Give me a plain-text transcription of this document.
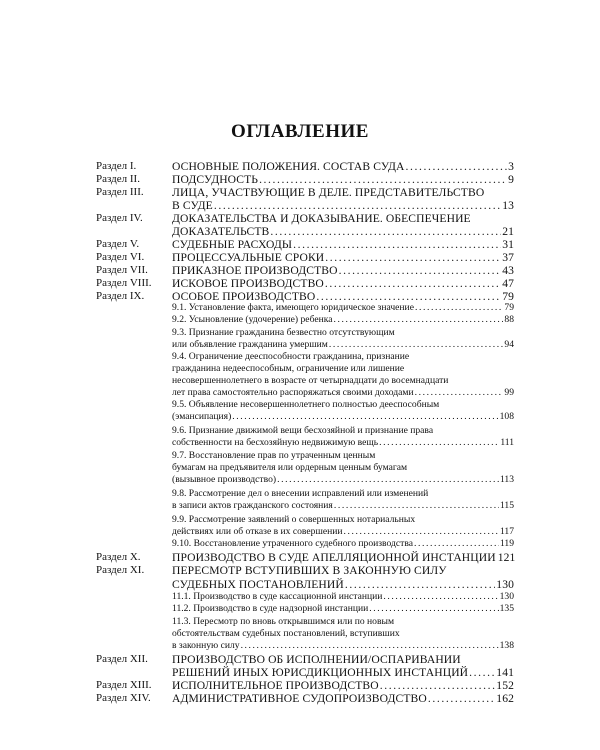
ОГЛАВЛЕНИЕ
Раздел I.	ОСНОВНЫЕ ПОЛОЖЕНИЯ. СОСТАВ СУДА .....	3
Раздел II.	ПОДСУДНОСТЬ .....	9
Раздел III. ЛИЦА, УЧАСТВУЮЩИЕ В ДЕЛЕ. ПРЕДСТАВИТЕЛЬСТВО
В СУДЕ .....	13
Раздел IV.	ДОКАЗАТЕЛЬСТВА И ДОКАЗЫВАНИЕ. ОБЕСПЕЧЕНИЕ
ДОКАЗАТЕЛЬСТВ .....	21
Раздел V.	СУДЕБНЫЕ РАСХОДЫ .....	31
Раздел VI. ПРОЦЕССУАЛЬНЫЕ СРОКИ .....	37
Раздел VII. ПРИКАЗНОЕ ПРОИЗВОДСТВО .....	43
Раздел VIII. ИСКОВОЕ ПРОИЗВОДСТВО .....	47
Раздел IX. ОСОБОЕ ПРОИЗВОДСТВО .....	79
9.1. Установление факта, имеющего юридическое значение .....	79
9.2. Усыновление (удочерение) ребенка .....	88
9.3. Признание гражданина безвестно отсутствующим
или объявление гражданина умершим .....	94
9.4. Ограничение дееспособности гражданина, признание
гражданина недееспособным, ограничение или лишение
несовершеннолетнего в возрасте от четырнадцати до восемнадцати
лет права самостоятельно распоряжаться своими доходами .....	99
9.5. Объявление несовершеннолетнего полностью дееспособным
(эмансипация) .....	108
9.6. Признание движимой вещи бесхозяйной и признание права
собственности на бесхозяйную недвижимую вещь .....	111
9.7. Восстановление прав по утраченным ценным
бумагам на предъявителя или ордерным ценным бумагам
(вызывное производство) .....	113
9.8. Рассмотрение дел о внесении исправлений или изменений
в записи актов гражданского состояния .....	115
9.9. Рассмотрение заявлений о совершенных нотариальных
действиях или об отказе в их совершении .....	117
9.10. Восстановление утраченного судебного производства .....	119
Раздел X.	ПРОИЗВОДСТВО В СУДЕ АПЕЛЛЯЦИОННОЙ ИНСТАНЦИИ 121
Раздел XI. ПЕРЕСМОТР ВСТУПИВШИХ В ЗАКОННУЮ СИЛУ
СУДЕБНЫХ ПОСТАНОВЛЕНИЙ .....	130
11.1. Производство в суде кассационной инстанции .....	130
11.2. Производство в суде надзорной инстанции .....	135
11.3. Пересмотр по вновь открывшимся или по новым
обстоятельствам судебных постановлений, вступивших
в законную силу .....	138
Раздел XII. ПРОИЗВОДСТВО ОБ ИСПОЛНЕНИИ/ОСПАРИВАНИИ
РЕШЕНИЙ ИНЫХ ЮРИСДИКЦИОННЫХ ИНСТАНЦИЙ ..... 141
Раздел XIII. ИСПОЛНИТЕЛЬНОЕ ПРОИЗВОДСТВО .....	152
Раздел XIV. АДМИНИСТРАТИВНОЕ СУДОПРОИЗВОДСТВО .....	162
